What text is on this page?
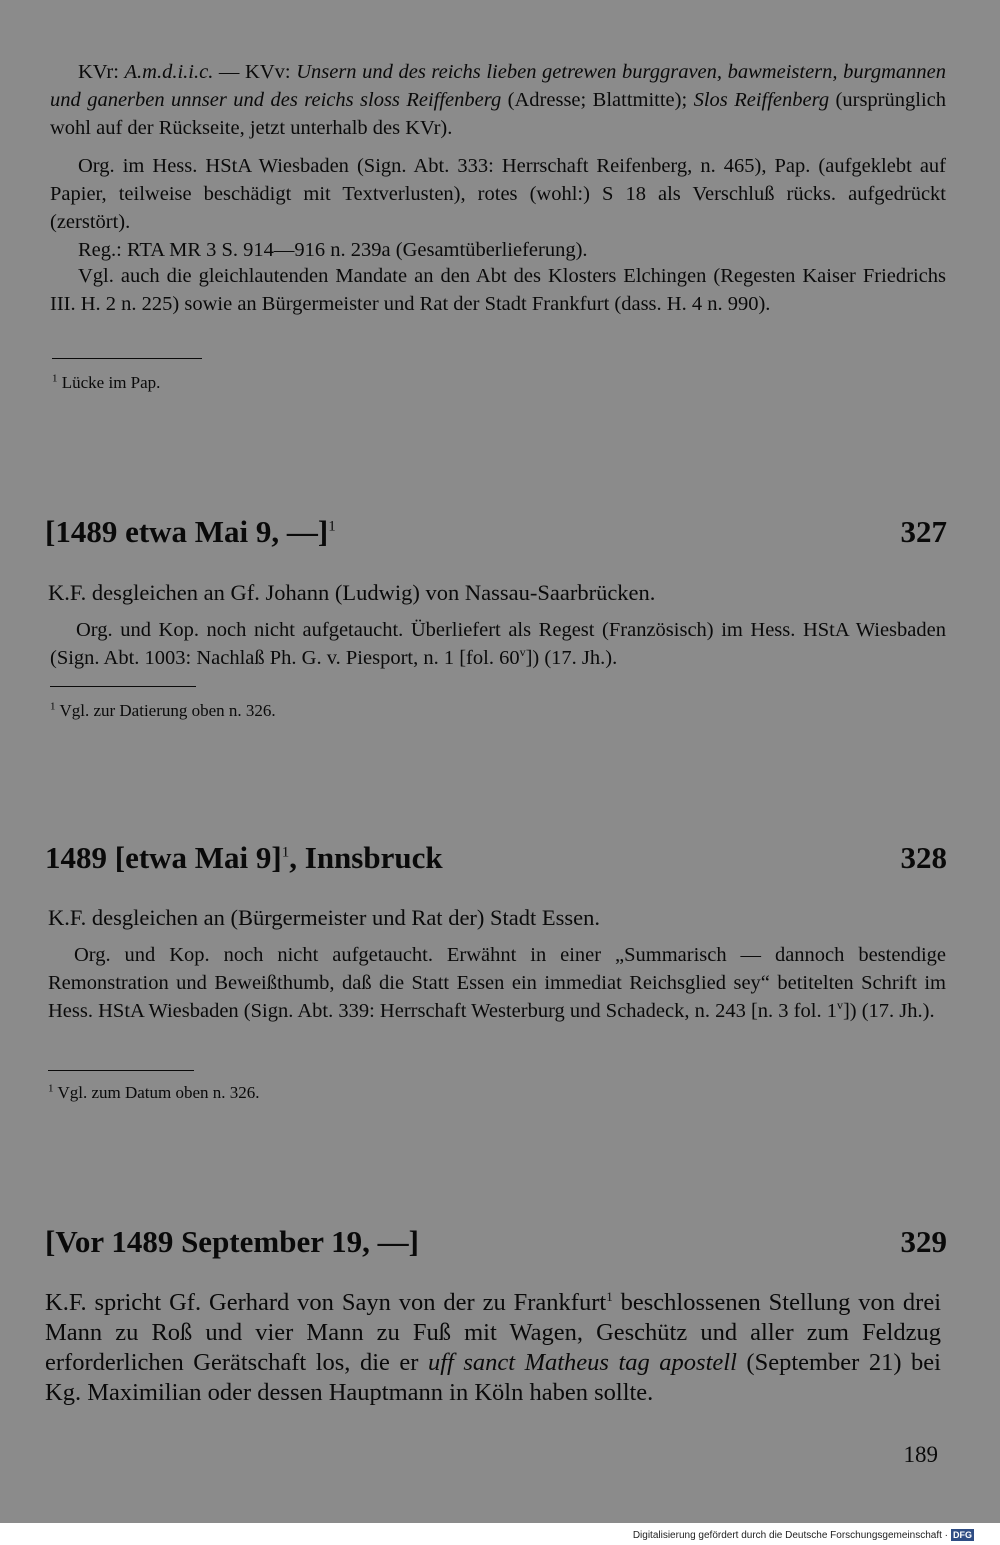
KVr: A.m.d.i.i.c. — KVv: Unsern und des reichs lieben getrewen burggraven, bawmeistern, burgmannen und ganerben unnser und des reichs sloss Reiffenberg (Adresse; Blattmitte); Slos Reiffenberg (ursprünglich wohl auf der Rückseite, jetzt unterhalb des KVr).
Org. im Hess. HStA Wiesbaden (Sign. Abt. 333: Herrschaft Reifenberg, n. 465), Pap. (aufgeklebt auf Papier, teilweise beschädigt mit Textverlusten), rotes (wohl:) S 18 als Verschluß rücks. aufgedrückt (zerstört).
Reg.: RTA MR 3 S. 914—916 n. 239a (Gesamtüberlieferung).
Vgl. auch die gleichlautenden Mandate an den Abt des Klosters Elchingen (Regesten Kaiser Friedrichs III. H. 2 n. 225) sowie an Bürgermeister und Rat der Stadt Frankfurt (dass. H. 4 n. 990).
$^1$ Lücke im Pap.
[1489 etwa Mai 9, —]$^1$	327
K.F. desgleichen an Gf. Johann (Ludwig) von Nassau-Saarbrücken.
Org. und Kop. noch nicht aufgetaucht. Überliefert als Regest (Französisch) im Hess. HStA Wiesbaden (Sign. Abt. 1003: Nachlaß Ph. G. v. Piesport, n. 1 [fol. 60$^v$]) (17. Jh.).
$^1$ Vgl. zur Datierung oben n. 326.
1489 [etwa Mai 9]$^1$, Innsbruck	328
K.F. desgleichen an (Bürgermeister und Rat der) Stadt Essen.
Org. und Kop. noch nicht aufgetaucht. Erwähnt in einer „Summarisch — dannoch bestendige Remonstration und Beweißthumb, daß die Statt Essen ein immediat Reichsglied sey“ betitelten Schrift im Hess. HStA Wiesbaden (Sign. Abt. 339: Herrschaft Westerburg und Schadeck, n. 243 [n. 3 fol. 1$^v$]) (17. Jh.).
$^1$ Vgl. zum Datum oben n. 326.
[Vor 1489 September 19, —]	329
K.F. spricht Gf. Gerhard von Sayn von der zu Frankfurt$^1$ beschlossenen Stellung von drei Mann zu Roß und vier Mann zu Fuß mit Wagen, Geschütz und aller zum Feldzug erforderlichen Gerätschaft los, die er uff sanct Matheus tag apostell (September 21) bei Kg. Maximilian oder dessen Hauptmann in Köln haben sollte.
189
Digitalisierung gefördert durch die Deutsche Forschungsgemeinschaft · DFG
